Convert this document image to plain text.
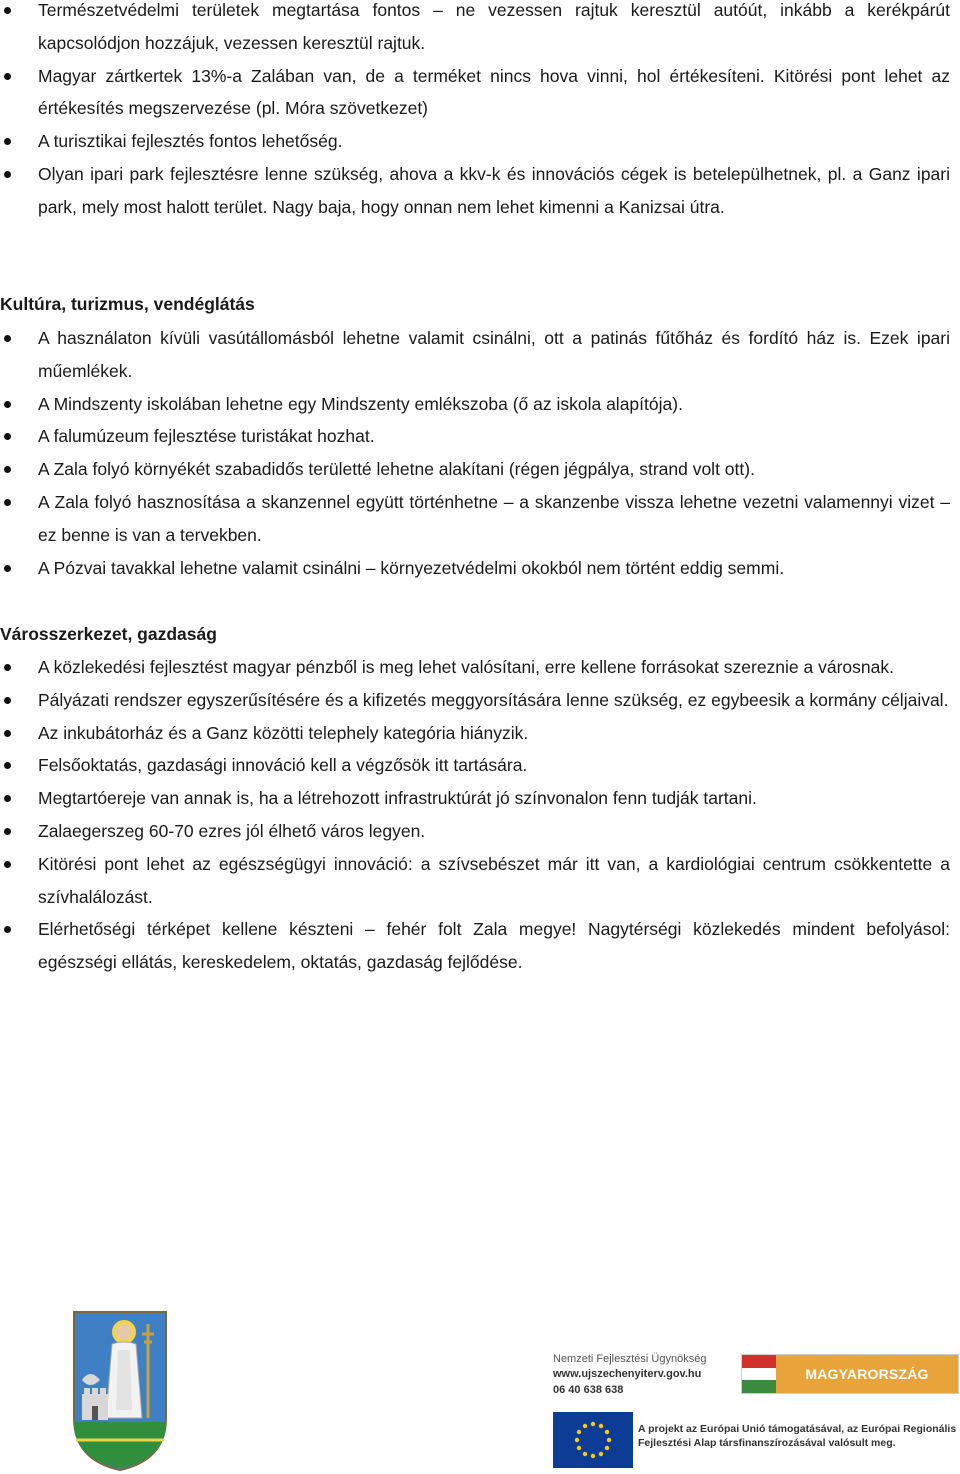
Természetvédelmi területek megtartása fontos – ne vezessen rajtuk keresztül autóút, inkább a kerékpárút kapcsolódjon hozzájuk, vezessen keresztül rajtuk.
Magyar zártkertek 13%-a Zalában van, de a terméket nincs hova vinni, hol értékesíteni. Kitörési pont lehet az értékesítés megszervezése (pl. Móra szövetkezet)
A turisztikai fejlesztés fontos lehetőség.
Olyan ipari park fejlesztésre lenne szükség, ahova a kkv-k és innovációs cégek is betelepülhetnek, pl. a Ganz ipari park, mely most halott terület. Nagy baja, hogy onnan nem lehet kimenni a Kanizsai útra.
Kultúra, turizmus, vendéglátás
A használaton kívüli vasútállomásból lehetne valamit csinálni, ott a patinás fűtőház és fordító ház is. Ezek ipari műemlékek.
A Mindszenty iskolában lehetne egy Mindszenty emlékszoba (ő az iskola alapítója).
A falumúzeum fejlesztése turistákat hozhat.
A Zala folyó környékét szabadidős területté lehetne alakítani (régen jégpálya, strand volt ott).
A Zala folyó hasznosítása a skanzennel együtt történhetne – a skanzenbe vissza lehetne vezetni valamennyi vizet – ez benne is van a tervekben.
A Pózvai tavakkal lehetne valamit csinálni – környezetvédelmi okokból nem történt eddig semmi.
Városszerkezet, gazdaság
A közlekedési fejlesztést magyar pénzből is meg lehet valósítani, erre kellene forrásokat szereznie a városnak.
Pályázati rendszer egyszerűsítésére és a kifizetés meggyorsítására lenne szükség, ez egybeesik a kormány céljaival.
Az inkubátorház és a Ganz közötti telephely kategória hiányzik.
Felsőoktatás, gazdasági innováció kell a végzősök itt tartására.
Megtartóereje van annak is, ha a létrehozott infrastruktúrát jó színvonalon fenn tudják tartani.
Zalaegerszeg 60-70 ezres jól élhető város legyen.
Kitörési pont lehet az egészségügyi innováció: a szívsebészet már itt van, a kardiológiai centrum csökkentette a szívhalálozást.
Elérhetőségi térképet kellene készteni – fehér folt Zala megye! Nagytérségi közlekedés mindent befolyásol: egészségi ellátás, kereskedelem, oktatás, gazdaság fejlődése.
Nemzeti Fejlesztési Ügynökség
www.ujszechenyiterv.gov.hu
06 40 638 638
MAGYARORSZÁG MEGÚJUL
A projekt az Európai Unió támogatásával, az Európai Regionális Fejlesztési Alap társfinanszírozásával valósult meg.
